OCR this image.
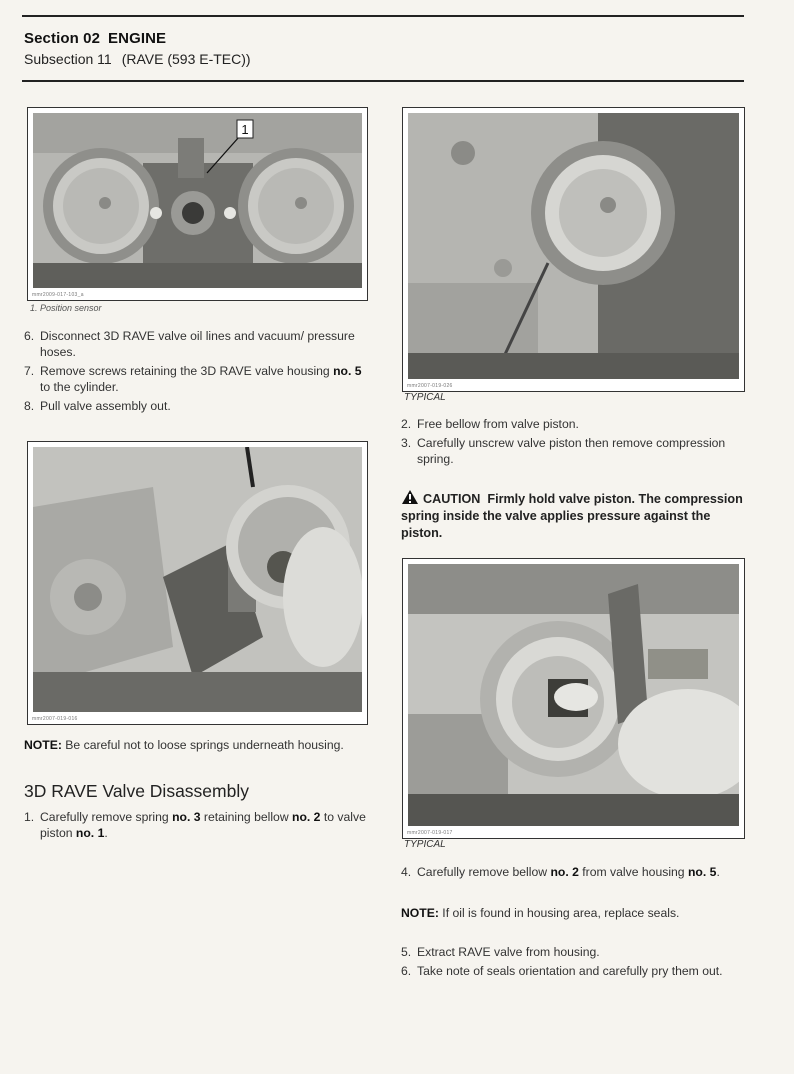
Section 02 ENGINE
Subsection 11 (RAVE (593 E-TEC))
1
mmr2009-017-103_a
1. Position sensor
6. Disconnect 3D RAVE valve oil lines and vacuum/ pressure hoses.
7. Remove screws retaining the 3D RAVE valve housing no. 5 to the cylinder.
8. Pull valve assembly out.
mmr2007-019-016
NOTE: Be careful not to loose springs underneath housing.
3D RAVE Valve Disassembly
1. Carefully remove spring no. 3 retaining bellow no. 2 to valve piston no. 1.
mmr2007-019-026
TYPICAL
2. Free bellow from valve piston.
3. Carefully unscrew valve piston then remove compression spring.
CAUTION Firmly hold valve piston. The compression spring inside the valve applies pressure against the piston.
mmr2007-019-017
TYPICAL
4. Carefully remove bellow no. 2 from valve housing no. 5.
NOTE: If oil is found in housing area, replace seals.
5. Extract RAVE valve from housing.
6. Take note of seals orientation and carefully pry them out.
